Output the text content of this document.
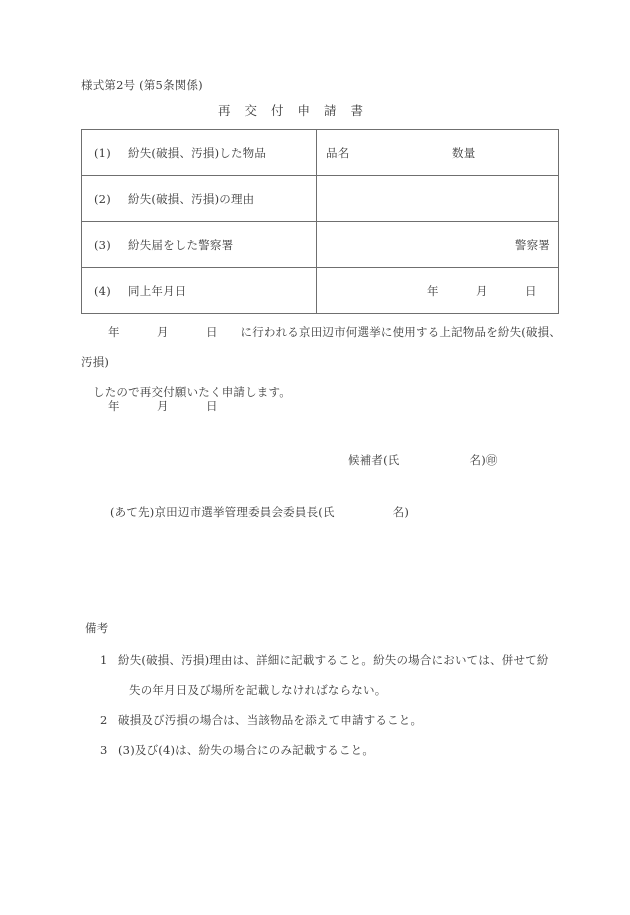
様式第2号 (第5条関係)
再交付申請書
(1) 紛失(破損、汚損)した物品	品名 数量

(2) 紛失(破損、汚損)の理由	

(3) 紛失届をした警察署	警察署

(4) 同上年月日	年　月　日
年　月　日 に行われる京田辺市何選挙に使用する上記物品を紛失(破損、汚損)
したので再交付願いたく申請します。
年　月　日
候補者(氏	名)㊞
(あて先)京田辺市選挙管理委員会委員長(氏	名)
備考
1 紛失(破損、汚損)理由は、詳細に記載すること。紛失の場合においては、併せて紛
失の年月日及び場所を記載しなければならない。
2 破損及び汚損の場合は、当該物品を添えて申請すること。
3 (3)及び(4)は、紛失の場合にのみ記載すること。
